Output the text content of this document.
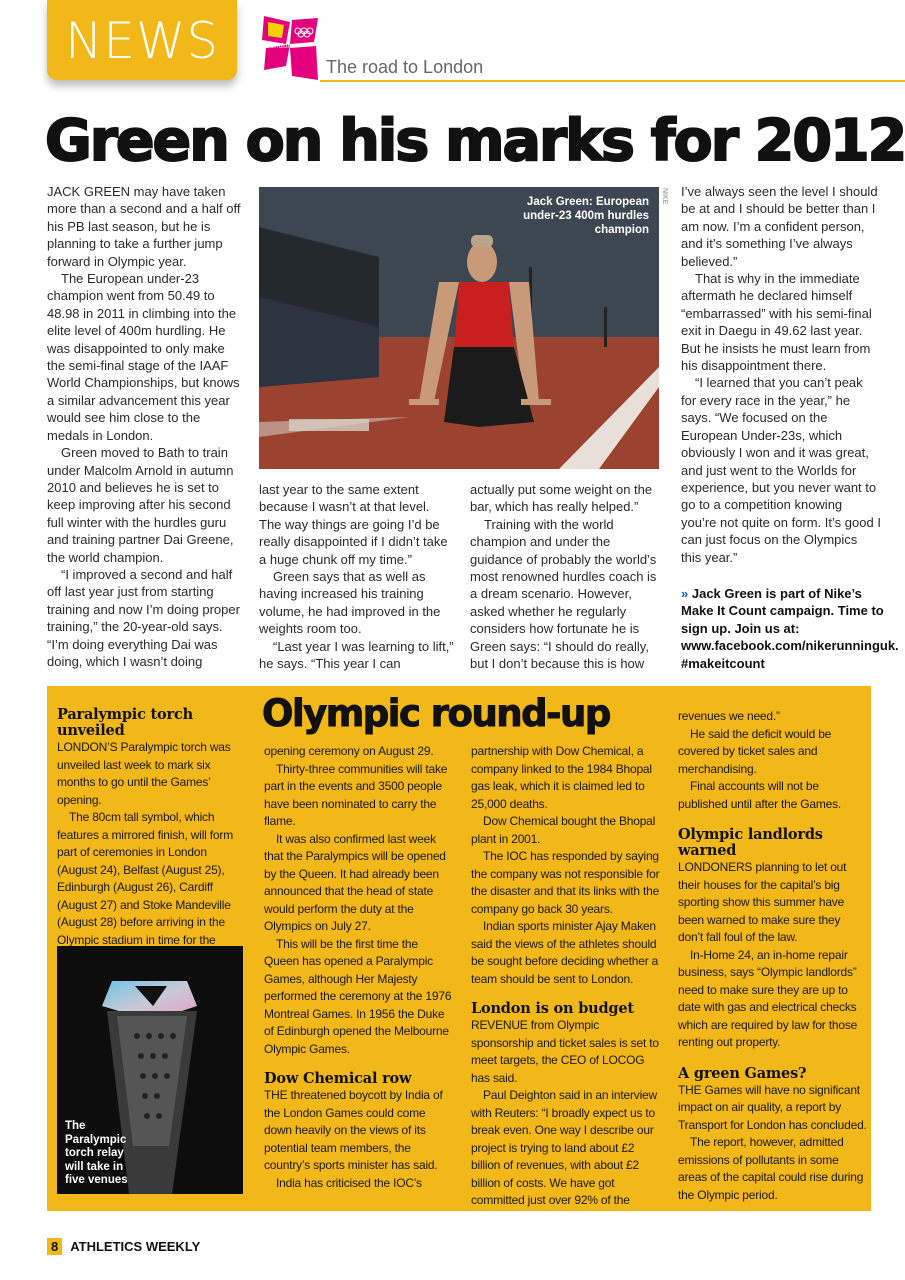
NEWS	london
The road to London
Green on his marks for 2012

JACK GREEN may have taken more than a second and a half off his PB last season, but he is planning to take a further jump forward in Olympic year.

The European under-23 champion went from 50.49 to 48.98 in 2011 in climbing into the elite level of 400m hurdling. He was disappointed to only make the semi-final stage of the IAAF World Championships, but knows a similar advancement this year would see him close to the medals in London.

Green moved to Bath to train under Malcolm Arnold in autumn 2010 and believes he is set to keep improving after his second full winter with the hurdles guru and training partner Dai Greene, the world champion.

“I improved a second and half off last year just from starting training and now I’m doing proper training,” the 20-year-old says. “I’m doing everything Dai was doing, which I wasn’t doing

Jack Green: European under-23 400m hurdles champion
NIKE

last year to the same extent because I wasn’t at that level. The way things are going I’d be really disappointed if I didn’t take a huge chunk off my time.”

Green says that as well as having increased his training volume, he had improved in the weights room too.

“Last year I was learning to lift,” he says. “This year I can

actually put some weight on the bar, which has really helped.”

Training with the world champion and under the guidance of probably the world’s most renowned hurdles coach is a dream scenario. However, asked whether he regularly considers how fortunate he is Green says: “I should do really, but I don’t because this is how

I’ve always seen the level I should be at and I should be better than I am now. I’m a confident person, and it’s something I’ve always believed.”

That is why in the immediate aftermath he declared himself “embarrassed” with his semi-final exit in Daegu in 49.62 last year. But he insists he must learn from his disappointment there.

“I learned that you can’t peak for every race in the year,” he says. “We focused on the European Under-23s, which obviously I won and it was great, and just went to the Worlds for experience, but you never want to go to a competition knowing you’re not quite on form. It’s good I can just focus on the Olympics this year.”

» Jack Green is part of Nike’s Make It Count campaign. Time to sign up. Join us at: www.facebook.com/nikerunninguk. #makeitcount
Olympic round-up
Paralympic torch unveiled

LONDON’S Paralympic torch was unveiled last week to mark six months to go until the Games’ opening.

The 80cm tall symbol, which features a mirrored finish, will form part of ceremonies in London (August 24), Belfast (August 25), Edinburgh (August 26), Cardiff (August 27) and Stoke Mandeville (August 28) before arriving in the Olympic stadium in time for the

The Paralympic torch relay will take in five venues

opening ceremony on August 29.

Thirty-three communities will take part in the events and 3500 people have been nominated to carry the flame.

It was also confirmed last week that the Paralympics will be opened by the Queen. It had already been announced that the head of state would perform the duty at the Olympics on July 27.

This will be the first time the Queen has opened a Paralympic Games, although Her Majesty performed the ceremony at the 1976 Montreal Games. In 1956 the Duke of Edinburgh opened the Melbourne Olympic Games.

Dow Chemical row

THE threatened boycott by India of the London Games could come down heavily on the views of its potential team members, the country’s sports minister has said.

India has criticised the IOC’s

partnership with Dow Chemical, a company linked to the 1984 Bhopal gas leak, which it is claimed led to 25,000 deaths.

Dow Chemical bought the Bhopal plant in 2001.

The IOC has responded by saying the company was not responsible for the disaster and that its links with the company go back 30 years.

Indian sports minister Ajay Maken said the views of the athletes should be sought before deciding whether a team should be sent to London.

London is on budget

REVENUE from Olympic sponsorship and ticket sales is set to meet targets, the CEO of LOCOG has said.

Paul Deighton said in an interview with Reuters: “I broadly expect us to break even. One way I describe our project is trying to land about £2 billion of revenues, with about £2 billion of costs. We have got committed just over 92% of the

revenues we need.”

He said the deficit would be covered by ticket sales and merchandising.

Final accounts will not be published until after the Games.

Olympic landlords warned

LONDONERS planning to let out their houses for the capital’s big sporting show this summer have been warned to make sure they don’t fall foul of the law.

In-Home 24, an in-home repair business, says “Olympic landlords” need to make sure they are up to date with gas and electrical checks which are required by law for those renting out property.

A green Games?

THE Games will have no significant impact on air quality, a report by Transport for London has concluded.

The report, however, admitted emissions of pollutants in some areas of the capital could rise during the Olympic period.

8 ATHLETICS WEEKLY
